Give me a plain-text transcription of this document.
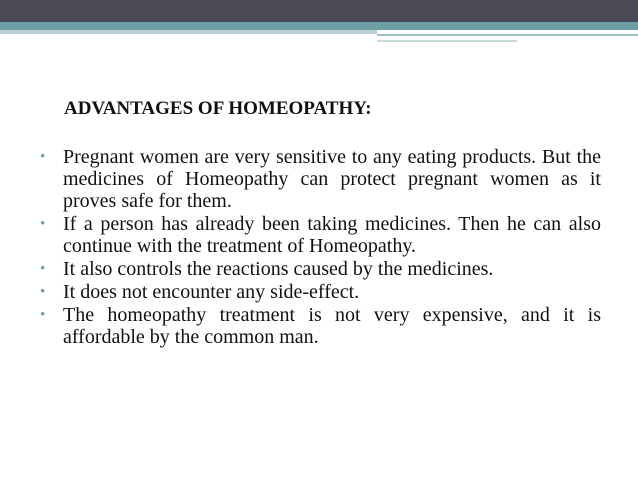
ADVANTAGES OF HOMEOPATHY:
• Pregnant women are very sensitive to any eating products. But the medicines of Homeopathy can protect pregnant women as it proves safe for them.
• If a person has already been taking medicines. Then he can also continue with the treatment of Homeopathy.
• It also controls the reactions caused by the medicines.
• It does not encounter any side-effect.
• The homeopathy treatment is not very expensive, and it is affordable by the common man.
